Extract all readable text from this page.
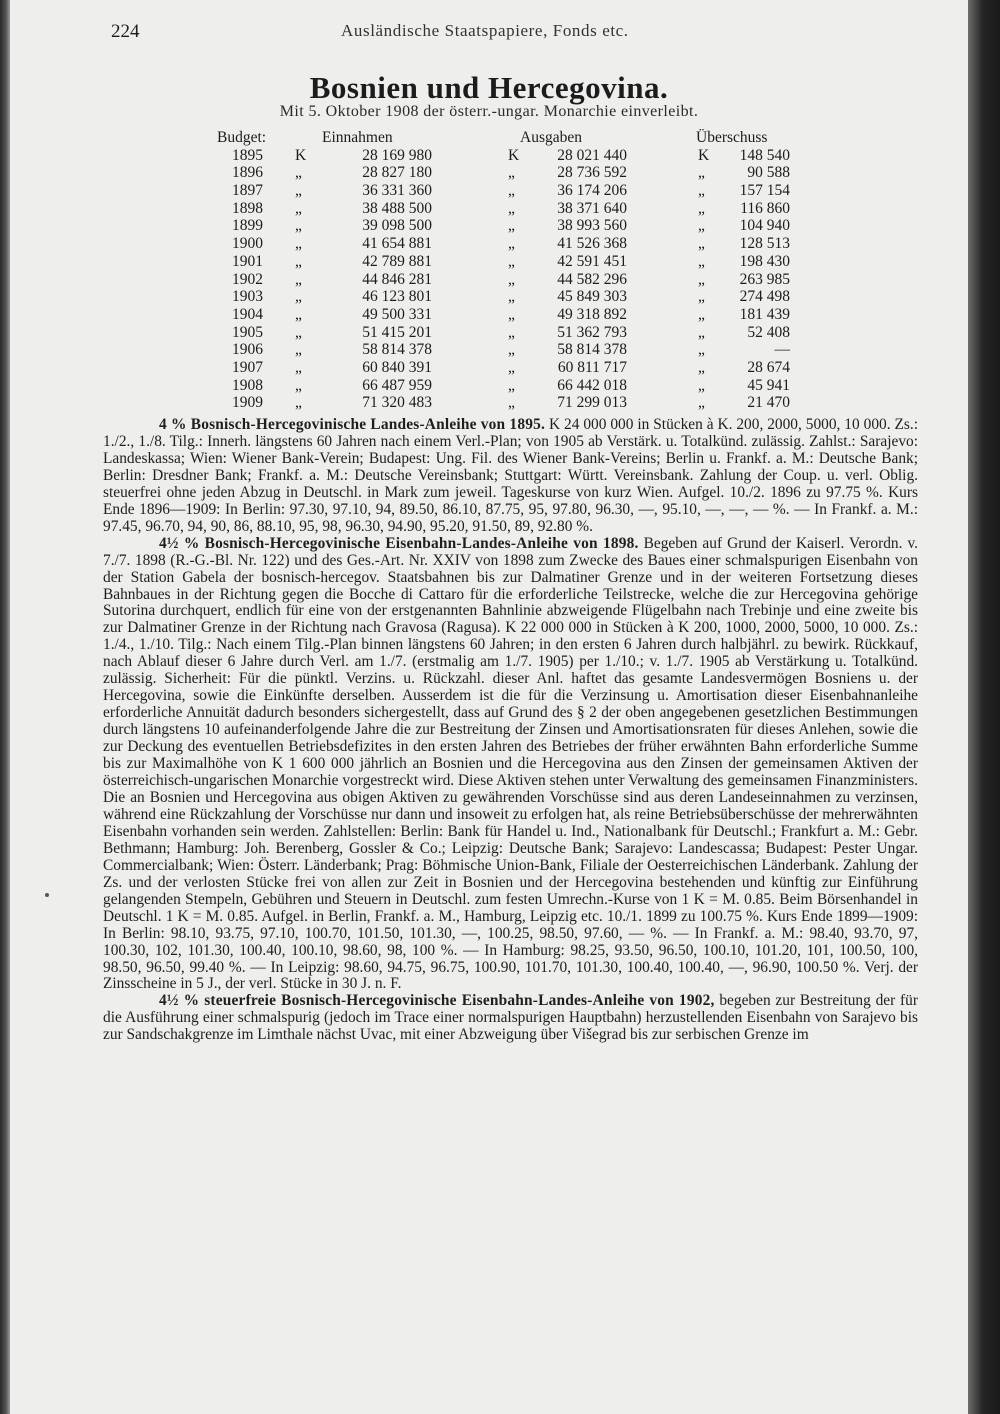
224	Ausländische Staatspapiere, Fonds etc.
Bosnien und Hercegovina.
Mit 5. Oktober 1908 der österr.-ungar. Monarchie einverleibt.
Budget:	Einnahmen	Ausgaben	Überschuss
1895 K	28 169 980	K	28 021 440	K	148 540
1896 „	28 827 180	„	28 736 592	„	90 588
1897 „	36 331 360	„	36 174 206	„	157 154
1898 „	38 488 500	„	38 371 640	„	116 860
1899 „	39 098 500	„	38 993 560	„	104 940
1900 „	41 654 881	„	41 526 368	„	128 513
1901 „	42 789 881	„	42 591 451	„	198 430
1902 „	44 846 281	„	44 582 296	„	263 985
1903 „	46 123 801	„	45 849 303	„	274 498
1904 „	49 500 331	„	49 318 892	„	181 439
1905 „	51 415 201	„	51 362 793	„	52 408
1906 „	58 814 378	„	58 814 378	„	—
1907 „	60 840 391	„	60 811 717	„	28 674
1908 „	66 487 959	„	66 442 018	„	45 941
1909 „	71 320 483	„	71 299 013	„	21 470

4 % Bosnisch-Hercegovinische Landes-Anleihe von 1895. K 24 000 000 in Stücken à K. 200, 2000, 5000, 10 000. Zs.: 1./2., 1./8. Tilg.: Innerh. längstens 60 Jahren nach einem Verl.-Plan; von 1905 ab Verstärk. u. Totalkünd. zulässig. Zahlst.: Sarajevo: Landeskassa; Wien: Wiener Bank-Verein; Budapest: Ung. Fil. des Wiener Bank-Vereins; Berlin u. Frankf. a. M.: Deutsche Bank; Berlin: Dresdner Bank; Frankf. a. M.: Deutsche Vereinsbank; Stuttgart: Württ. Vereinsbank. Zahlung der Coup. u. verl. Oblig. steuerfrei ohne jeden Abzug in Deutschl. in Mark zum jeweil. Tageskurse von kurz Wien. Aufgel. 10./2. 1896 zu 97.75 %. Kurs Ende 1896—1909: In Berlin: 97.30, 97.10, 94, 89.50, 86.10, 87.75, 95, 97.80, 96.30, —, 95.10, —, —, — %. — In Frankf. a. M.: 97.45, 96.70, 94, 90, 86, 88.10, 95, 98, 96.30, 94.90, 95.20, 91.50, 89, 92.80 %.

4½ % Bosnisch-Hercegovinische Eisenbahn-Landes-Anleihe von 1898. Begeben auf Grund der Kaiserl. Verordn. v. 7./7. 1898 (R.-G.-Bl. Nr. 122) und des Ges.-Art. Nr. XXIV von 1898 zum Zwecke des Baues einer schmalspurigen Eisenbahn von der Station Gabela der bosnisch-hercegov. Staatsbahnen bis zur Dalmatiner Grenze und in der weiteren Fortsetzung dieses Bahnbaues in der Richtung gegen die Bocche di Cattaro für die erforderliche Teilstrecke, welche die zur Hercegovina gehörige Sutorina durchquert, endlich für eine von der erstgenannten Bahnlinie abzweigende Flügelbahn nach Trebinje und eine zweite bis zur Dalmatiner Grenze in der Richtung nach Gravosa (Ragusa). K 22 000 000 in Stücken à K 200, 1000, 2000, 5000, 10 000. Zs.: 1./4., 1./10. Tilg.: Nach einem Tilg.-Plan binnen längstens 60 Jahren; in den ersten 6 Jahren durch halbjährl. zu bewirk. Rückkauf, nach Ablauf dieser 6 Jahre durch Verl. am 1./7. (erstmalig am 1./7. 1905) per 1./10.; v. 1./7. 1905 ab Verstärkung u. Totalkünd. zulässig. Sicherheit: Für die pünktl. Verzins. u. Rückzahl. dieser Anl. haftet das gesamte Landesvermögen Bosniens u. der Hercegovina, sowie die Einkünfte derselben. Ausserdem ist die für die Verzinsung u. Amortisation dieser Eisenbahnanleihe erforderliche Annuität dadurch besonders sichergestellt, dass auf Grund des § 2 der oben angegebenen gesetzlichen Bestimmungen durch längstens 10 aufeinanderfolgende Jahre die zur Bestreitung der Zinsen und Amortisationsraten für dieses Anlehen, sowie die zur Deckung des eventuellen Betriebsdefizites in den ersten Jahren des Betriebes der früher erwähnten Bahn erforderliche Summe bis zur Maximalhöhe von K 1 600 000 jährlich an Bosnien und die Hercegovina aus den Zinsen der gemeinsamen Aktiven der österreichisch-ungarischen Monarchie vorgestreckt wird. Diese Aktiven stehen unter Verwaltung des gemeinsamen Finanzministers. Die an Bosnien und Hercegovina aus obigen Aktiven zu gewährenden Vorschüsse sind aus deren Landeseinnahmen zu verzinsen, während eine Rückzahlung der Vorschüsse nur dann und insoweit zu erfolgen hat, als reine Betriebsüberschüsse der mehrerwähnten Eisenbahn vorhanden sein werden. Zahlstellen: Berlin: Bank für Handel u. Ind., Nationalbank für Deutschl.; Frankfurt a. M.: Gebr. Bethmann; Hamburg: Joh. Berenberg, Gossler & Co.; Leipzig: Deutsche Bank; Sarajevo: Landescassa; Budapest: Pester Ungar. Commercialbank; Wien: Österr. Länderbank; Prag: Böhmische Union-Bank, Filiale der Oesterreichischen Länderbank. Zahlung der Zs. und der verlosten Stücke frei von allen zur Zeit in Bosnien und der Hercegovina bestehenden und künftig zur Einführung gelangenden Stempeln, Gebühren und Steuern in Deutschl. zum festen Umrechn.-Kurse von 1 K = M. 0.85. Beim Börsenhandel in Deutschl. 1 K = M. 0.85. Aufgel. in Berlin, Frankf. a. M., Hamburg, Leipzig etc. 10./1. 1899 zu 100.75 %. Kurs Ende 1899—1909: In Berlin: 98.10, 93.75, 97.10, 100.70, 101.50, 101.30, —, 100.25, 98.50, 97.60, — %. — In Frankf. a. M.: 98.40, 93.70, 97, 100.30, 102, 101.30, 100.40, 100.10, 98.60, 98, 100 %. — In Hamburg: 98.25, 93.50, 96.50, 100.10, 101.20, 101, 100.50, 100, 98.50, 96.50, 99.40 %. — In Leipzig: 98.60, 94.75, 96.75, 100.90, 101.70, 101.30, 100.40, 100.40, —, 96.90, 100.50 %. Verj. der Zinsscheine in 5 J., der verl. Stücke in 30 J. n. F.

4½ % steuerfreie Bosnisch-Hercegovinische Eisenbahn-Landes-Anleihe von 1902, begeben zur Bestreitung der für die Ausführung einer schmalspurig (jedoch im Trace einer normalspurigen Hauptbahn) herzustellenden Eisenbahn von Sarajevo bis zur Sandschakgrenze im Limthale nächst Uvac, mit einer Abzweigung über Višegrad bis zur serbischen Grenze im
